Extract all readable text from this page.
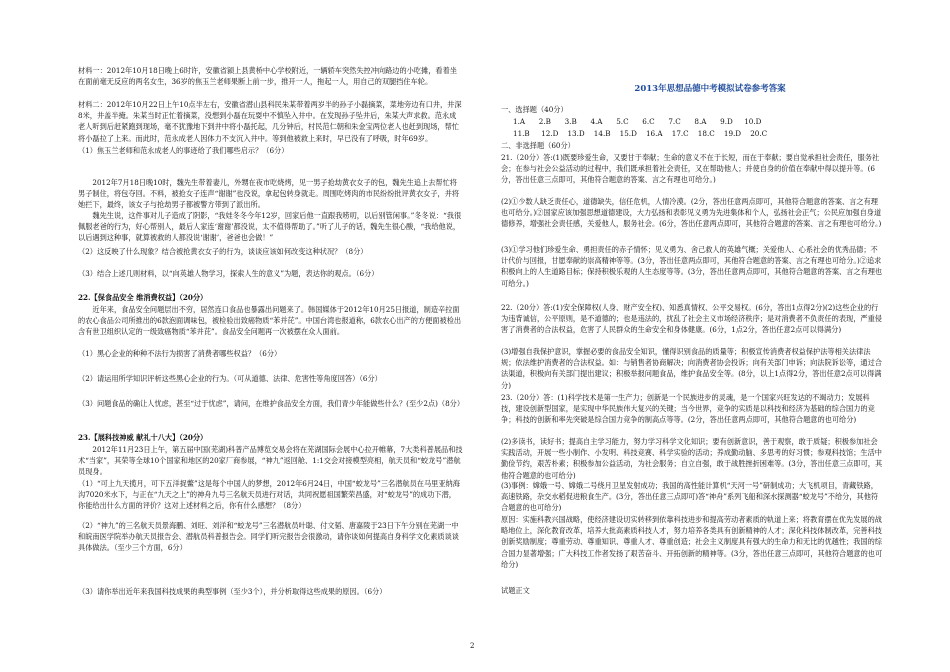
材料一：2012年10月18日晚上6时许，安徽省颍上县黄桥中心学校附近，一辆轿车突然失控冲向路边的小吃摊，看着坐在面前毫无反应的两名女生，36岁的焦玉兰老师果断上前一步，推开一人，拖起一人，用自己的双腿挡住车轮。

材料二：2012年10月22日上午10点半左右，安徽省潜山县科民朱某带着两岁半的孙子小磊摘菜，菜地旁边有口井，井深8米，井盖半掩。朱某当时正忙着摘菜，没想到小磊在玩耍中不慎坠入井中。在发现孙子坠井后，朱某大声求救。范永成老人听到后赶紧跑到现场，毫不犹豫地下到井中将小磊托起，几分钟后，村民范仁朝和朱金宝两位老人也赶到现场，帮忙将小磊拉了上来。而此时，范永成老人因体力不支沉入井中。等到他被救上来时，早已没有了呼吸，时年69岁。

（1）焦玉兰老师和范永成老人的事迹给了我们哪些启示？（6分）

2012年7月18日晚10时，魏先生带着妻儿，外甥在夜市吃烧烤，见一男子抢劫黄衣女子的包，魏先生追上去帮忙将男子制住，将包夺回。不料，被抢女子连声“谢谢”也没说，拿起包转身就走。周围吃烤肉的市民纷纷批评黄衣女子，并将她拦下，最终，该女子与抢劫男子都被警方带到了派出所。

魏先生说，这件事对儿子造成了阴影，“我娃冬冬今年12岁，回家后他一直跟我唠叨，以后别管闲事。”冬冬说：“我很佩服老爸的行为，好心帮别人，最后人家连‘谢谢’都没说，太不值得帮助了。”听了儿子的话，魏先生很心酸，“我给他说，以后遇到这种事，就算被救的人都没说‘谢谢’，爸爸也会做！”

（2）这反映了什么现象？结合被抢黄衣女子的行为，谈谈应该如何改变这种状况？（8分）

（3）结合上述几则材料，以“向英雄人物学习，探索人生的意义”为题，表达你的观点。（6分）

22.【保食品安全 维消费权益】（20分）

近年来，食品安全问题层出不穷，居然连口食品也暴露出问题来了。韩国媒体于2012年10月25日报道，制造辛拉面的农心食品公司所推出的6款泡面调味包，被检验出致癌物质“苯并芘”。中国台湾也报道称，6款农心出产的方便面被检出含有世卫组织认定的一级致癌物质“苯并芘”。食品安全问题再一次被摆在众人面前。

（1）黑心企业的种种不法行为损害了消费者哪些权益？（6分）

（2）请运用所学知识评析这些黑心企业的行为。（可从道德、法律、危害性等角度回答）（6分）

（3）问题食品的确让人忧虑，甚至“过于忧虑”，请问，在维护食品安全方面，我们青少年能做些什么？(至少2点)（8分）

23.【展科技神威 献礼十八大】（20分）

2012年11月23日上午，第五届中国(芜湖)科普产品博览交易会将在芜湖国际会展中心拉开帷幕，7大类科普展品和技术“当家”，其荣等全球10个国家和地区的20家厂商参展，“神九”返回舱、1:1交会对接模型亮相，航天员和“蛟龙号”潜航员现身。

（1）“可上九天揽月，可下五洋捉鳖”这是每个中国人的梦想，2012年6月24日，中国“蛟龙号”三名潜航员在马里亚纳海沟7020米水下，与正在“九天之上”的神舟九号三名航天员进行对话，共同祝愿祖国繁荣昌盛，对“蛟龙号”的成功下潜，你能给出什么方面的评价？这对上述材料之后，你有什么感想？（8分）

（2）“神九”的三名航天员景海鹏、刘旺、刘洋和“蛟龙号”三名潜航员叶聪、付文韬、唐嘉陵于23日下午分别在芜湖一中和皖南医学院举办航天员报告会、潜航员科普报告会。同学们听完报告会很激动，请你谈如何提高自身科学文化素质谈谈具体做法。（至少三个方面，6分）

（3）请你举出近年来我国科技成果的典型事例（至少3个），并分析取得这些成果的原因。（6分）

2013年思想品德中考模拟试卷参考答案

一、选择题（40分）

1.A      2.B      3.B      4.A      5.C      6.C      7.C      8.A      9.D     10.D
11.B     12.D    13.D    14.B    15.D    16.A    17.C    18.C    19.D    20.C

二、非选择题（60分）

21.（20分）答:(1)既要珍爱生命，又要甘于奉献；生命的意义不在于长短，而在于奉献；要自觉承担社会责任，服务社会；在参与社会公益活动的过程中，我们既承担着社会责任，又在帮助他人；并使自身的价值在奉献中得以提升等。(6分，答出任意三点即可，其他符合题意的答案、言之有理也可给分。)

(2)①少数人缺乏责任心，道德缺失，信任危机，人情冷漠。(2分，答出任意两点即可，其他符合题意的答案、言之有理也可给分。)②国家应该加强思想道德建设，大力弘扬和表彰见义勇为先进集体和个人，弘扬社会正气；公民应加强自身道德修养，增强社会责任感，关爱他人，服务社会。(6分，答出任意两点即可，其他符合题意的答案、言之有理也可给分。)

(3)①学习他们珍爱生命、勇担责任的赤子情怀；见义勇为、舍己救人的英雄气概；关爱他人、心系社会的优秀品德；不计代价与回报，甘愿奉献的崇高精神等等。(3分，答出任意两点即可，其他符合题意的答案、言之有理也可给分。)②追求积极向上的人生道路目标；保持积极乐观的人生态度等等。(3分，答出任意两点即可，其他符合题意的答案、言之有理也可给分。)

22.（20分）答:(1)安全保障权(人身、财产安全权)、知悉真情权、公平交易权。(6分，答出1点得2分)(2)这些企业的行为违背诚信，公平原则，是不道德的；也是违法的，扰乱了社会主义市场经济秩序；是对消费者不负责任的表现，严重侵害了消费者的合法权益，危害了人民群众的生命安全和身体健康。(6分，1点2分，答出任意2点可以得满分)

(3)增强自我保护意识，掌握必要的食品安全知识，懂得识别食品的质量等；积极宣传消费者权益保护法等相关法律法规；依法维护消费者的合法权益。如：与销售者协商解决；向消费者协会投诉；向有关部门申诉；向法院诉讼等，通过合法渠道，积极向有关部门提出建议；积极举报问题食品，维护食品安全等。(8分，以上1点得2分，答出任意2点可以得满分)

23.（20分）答：(1)科学技术是第一生产力；创新是一个民族进步的灵魂，是一个国家兴旺发达的不竭动力；发展科技，建设创新型国家，是实现中华民族伟大复兴的关键；当今世界，竞争的实质是以科技和经济为基础的综合国力的竞争；科技的创新和率先突破是综合国力竞争的制高点等等。(2分，答出任意两点即可，其他符合题意的也可给分)

(2)多读书，读好书；提高自主学习能力，努力学习科学文化知识；要有创新意识，善于观察，敢于质疑；积极参加社会实践活动，开展一些小制作、小发明、科技竞赛、科学实验的活动；养成勤动脑、多思考的好习惯；参观科技馆；生活中勤俭节约，艰苦朴素；积极参加公益活动，为社会服务；自立自强，敢于战胜挫折困难等。(3分，答出任意三点即可，其他符合题意的也可给分)

(3)事例：嫦娥一号、嫦娥二号绕月卫星发射成功；我国的高性能计算机“天河一号”研制成功；大飞机项目，青藏铁路，高速铁路，杂交水稻促进粮食生产。(3分，答出任意三点即可)答“神舟”系列飞船和深水探测器“蛟龙号”不给分，其他符合题意的也可给分)

原因：实施科教兴国战略，使经济建设切实转移到依靠科技进步和提高劳动者素质的轨道上来；将教育摆在优先发展的战略地位上，深化教育改革，培养大批高素质科技人才，努力培养各类具有创新精神的人才；深化科技体制改革，完善科技创新奖励制度；尊重劳动、尊重知识、尊重人才、尊重创造；社会主义制度具有强大的生命力和无比的优越性；我国的综合国力显著增强；广大科技工作者发扬了艰苦奋斗、开拓创新的精神等。(3分，答出任意三点即可，其他符合题意的也可给分)

试题正文

2
